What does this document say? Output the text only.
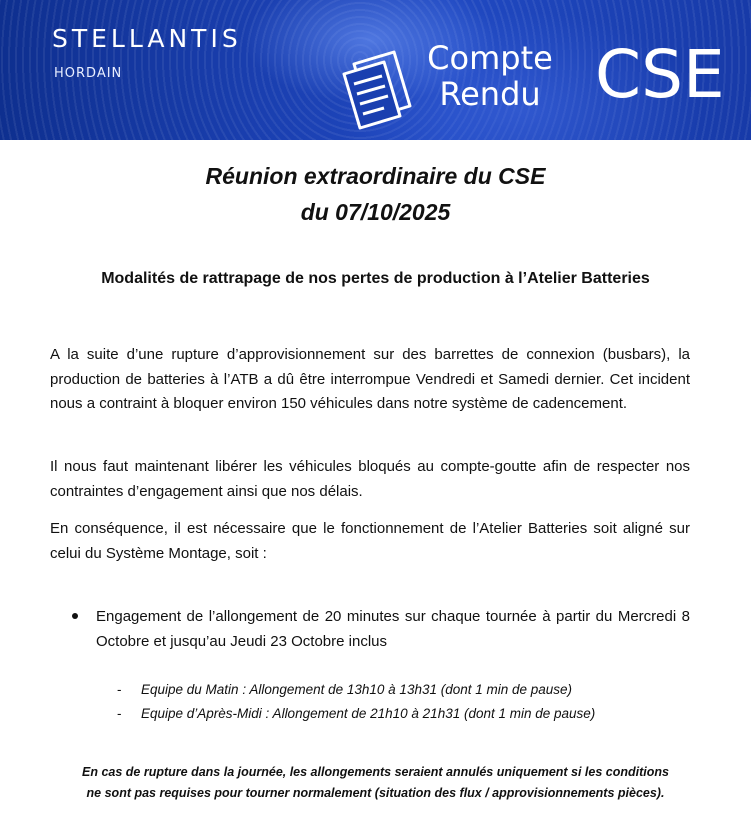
STELLANTIS
HORDAIN	Compte
Rendu CSE
Réunion extraordinaire du CSE
du 07/10/2025
Modalités de rattrapage de nos pertes de production à l’Atelier Batteries

A la suite d’une rupture d’approvisionnement sur des barrettes de connexion (busbars), la production de batteries à l’ATB a dû être interrompue Vendredi et Samedi dernier. Cet incident nous a contraint à bloquer environ 150 véhicules dans notre système de cadencement.

Il nous faut maintenant libérer les véhicules bloqués au compte-goutte afin de respecter nos contraintes d’engagement ainsi que nos délais.

En conséquence, il est nécessaire que le fonctionnement de l’Atelier Batteries soit aligné sur celui du Système Montage, soit :

Engagement de l’allongement de 20 minutes sur chaque tournée à partir du Mercredi 8 Octobre et jusqu’au Jeudi 23 Octobre inclus

- Equipe du Matin : Allongement de 13h10 à 13h31 (dont 1 min de pause)
- Equipe d’Après-Midi : Allongement de 21h10 à 21h31 (dont 1 min de pause)
En cas de rupture dans la journée, les allongements seraient annulés uniquement si les conditions
ne sont pas requises pour tourner normalement (situation des flux / approvisionnements pièces).
